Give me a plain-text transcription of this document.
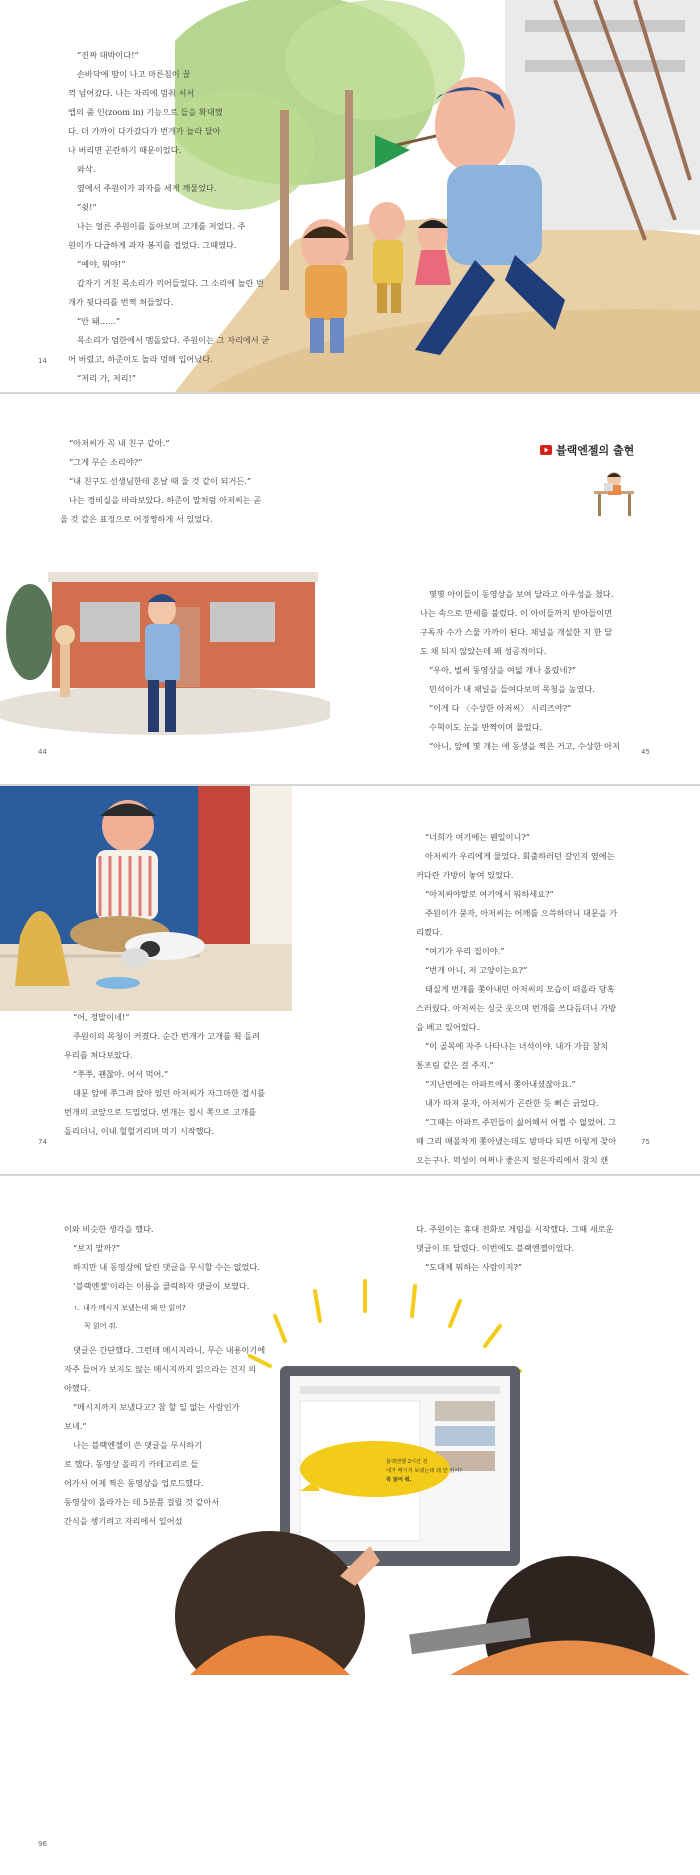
“진짜 대박이다!”

손바닥에 땀이 나고 마른침이 꿀

꺽 넘어갔다. 나는 자리에 멈춰 서서

앱의 줌 인(zoom in) 기능으로 들을 확대했

다. 더 가까이 다가갔다가 번개가 놀라 달아

나 버리면 곤란하기 때문이었다.

와삭.

옆에서 주원이가 과자를 세게 깨물었다.

“쉿!”

나는 얼른 주원이를 돌아보며 고개를 저었다. 주

원이가 다급하게 과자 봉지를 접었다. 그때였다.

“예야, 뭐야!”

갑자기 거친 목소리가 끼어들었다. 그 소리에 놀란 번

개가 뒷다리를 번쩍 쳐들었다.

“안 돼……”

목소리가 엄한에서 멤돌았다. 주원이는 그 자리에서 굳

어 버렸고, 하준이도 놀라 멍해 입어났다.

“저리 가, 저리!”

14

“아저씨가 꼭 내 친구 같아.”

“그게 무슨 소리야?”

“내 친구도 선생님한테 혼날 때 울 것 같이 되거든.”

나는 경비실을 바라보았다. 하준이 말처럼 아저씨는 곧

울 것 같은 표정으로 어정쩡하게 서 있었다.

블랙엔젤의 출현

몇몇 아이들이 동영상을 보여 달라고 아우성을 쳤다.

나는 속으로 만세를 불렀다. 이 아이들까지 받아들이면

구독자 수가 스물 가까이 된다. 채널을 개설한 지 한 달

도 채 되지 않았는데 꽤 성공적이다.

“우아, 벌써 동영상을 여덟 개나 올렸네?”

민석이가 내 채널을 들여다보며 목청을 높였다.

“이게 다 〈수상한 아저씨〉 시리즈야?”

수혁이도 눈을 반짝이며 물었다.

“아니, 앞에 몇 개는 애 동생을 찍은 거고, 수상한 아저

44	45

“어, 정말이네!”

주원이의 목청이 커졌다. 순간 번개가 고개를 휙 돌려

우리를 쳐다보았다.

“쭈쭈, 괜찮아. 어서 먹어.”

대문 앞에 쭈그려 앉아 있던 아저씨가 자그마한 접시를

번개의 코앞으로 드밀었다. 번개는 접시 쪽으로 고개를

돌리더니, 이내 헐헐거리며 먹기 시작했다.

“너희가 여기에는 웬일이니?”

아저씨가 우리에게 물었다. 회출하러던 갈인지 옆에는

커다란 가방이 놓여 있었다.

“아저씨야말로 여기에서 뭐하세요?”

주원이가 묻자, 아저씨는 어깨를 으쓱하더니 대문을 가

리켰다.

“여기가 우리 집이야.”

“번개 아니, 저 고양이는요?”

태실게 번개를 쫓아내던 아저씨의 모습이 떠올라 당혹

스러웠다. 아저씨는 싱긋 웃으며 번개를 쓰다듬더니 가방

을 베고 있어었다.

“이 골목에 자주 나타나는 녀석이야. 내가 가끔 참치

통조림 같은 걸 주지.”

“지난번에는 아파트에서 쫓아내셨잖아요.”

내가 따져 묻자, 아저씨가 곤란한 듯 뻐슨 긁었다.

“그때는 아파트 주민들이 싫어해서 어쩔 수 없었어. 그

때 그리 매몰차게 쫓아냈는데도 밤마다 되면 이렇게 찾아

오는구나. 먹성이 여쩌나 좋은지 얼은자리에서 참치 캔

74	75
블랙엔젤 2시간 전
내가 메시지 보냈는데 왜 안 읽어?
꼭 읽어 줘.

이와 비슷한 생각을 했다.

“보지 말까?”

하지만 내 동영상에 달린 댓글을 무시할 수는 없었다.

‘블랙엔젤’이라는 이름을 클릭하자 댓글이 보였다.

ㄴ 내가 메시지 보냈는데 왜 안 읽어?
꼭 읽어 줘.

댓글은 간단했다. 그런데 메시지라니, 무슨 내용이기에

자주 들어가 보지도 않는 메시지까지 읽으라는 건지 의

아했다.

“메시지까지 보냈다고? 참 할 일 없는 사람인가

보네.”

나는 블랙엔젤이 쓴 댓글을 무시하기

로 했다. 동영상 올리기 카테고리로 들

어가서 어제 찍은 동영상을 업로드했다.

동영상이 올라가는 데 5분쯤 걸릴 것 같아서

간식을 챙기려고 자리에서 일어섰

다. 주원이는 휴대 전화로 게임을 시작했다. 그때 새로운

댓글이 또 달렸다. 이번에도 블랙엔젤이었다.

“도대체 뭐하는 사람이지?”

96
